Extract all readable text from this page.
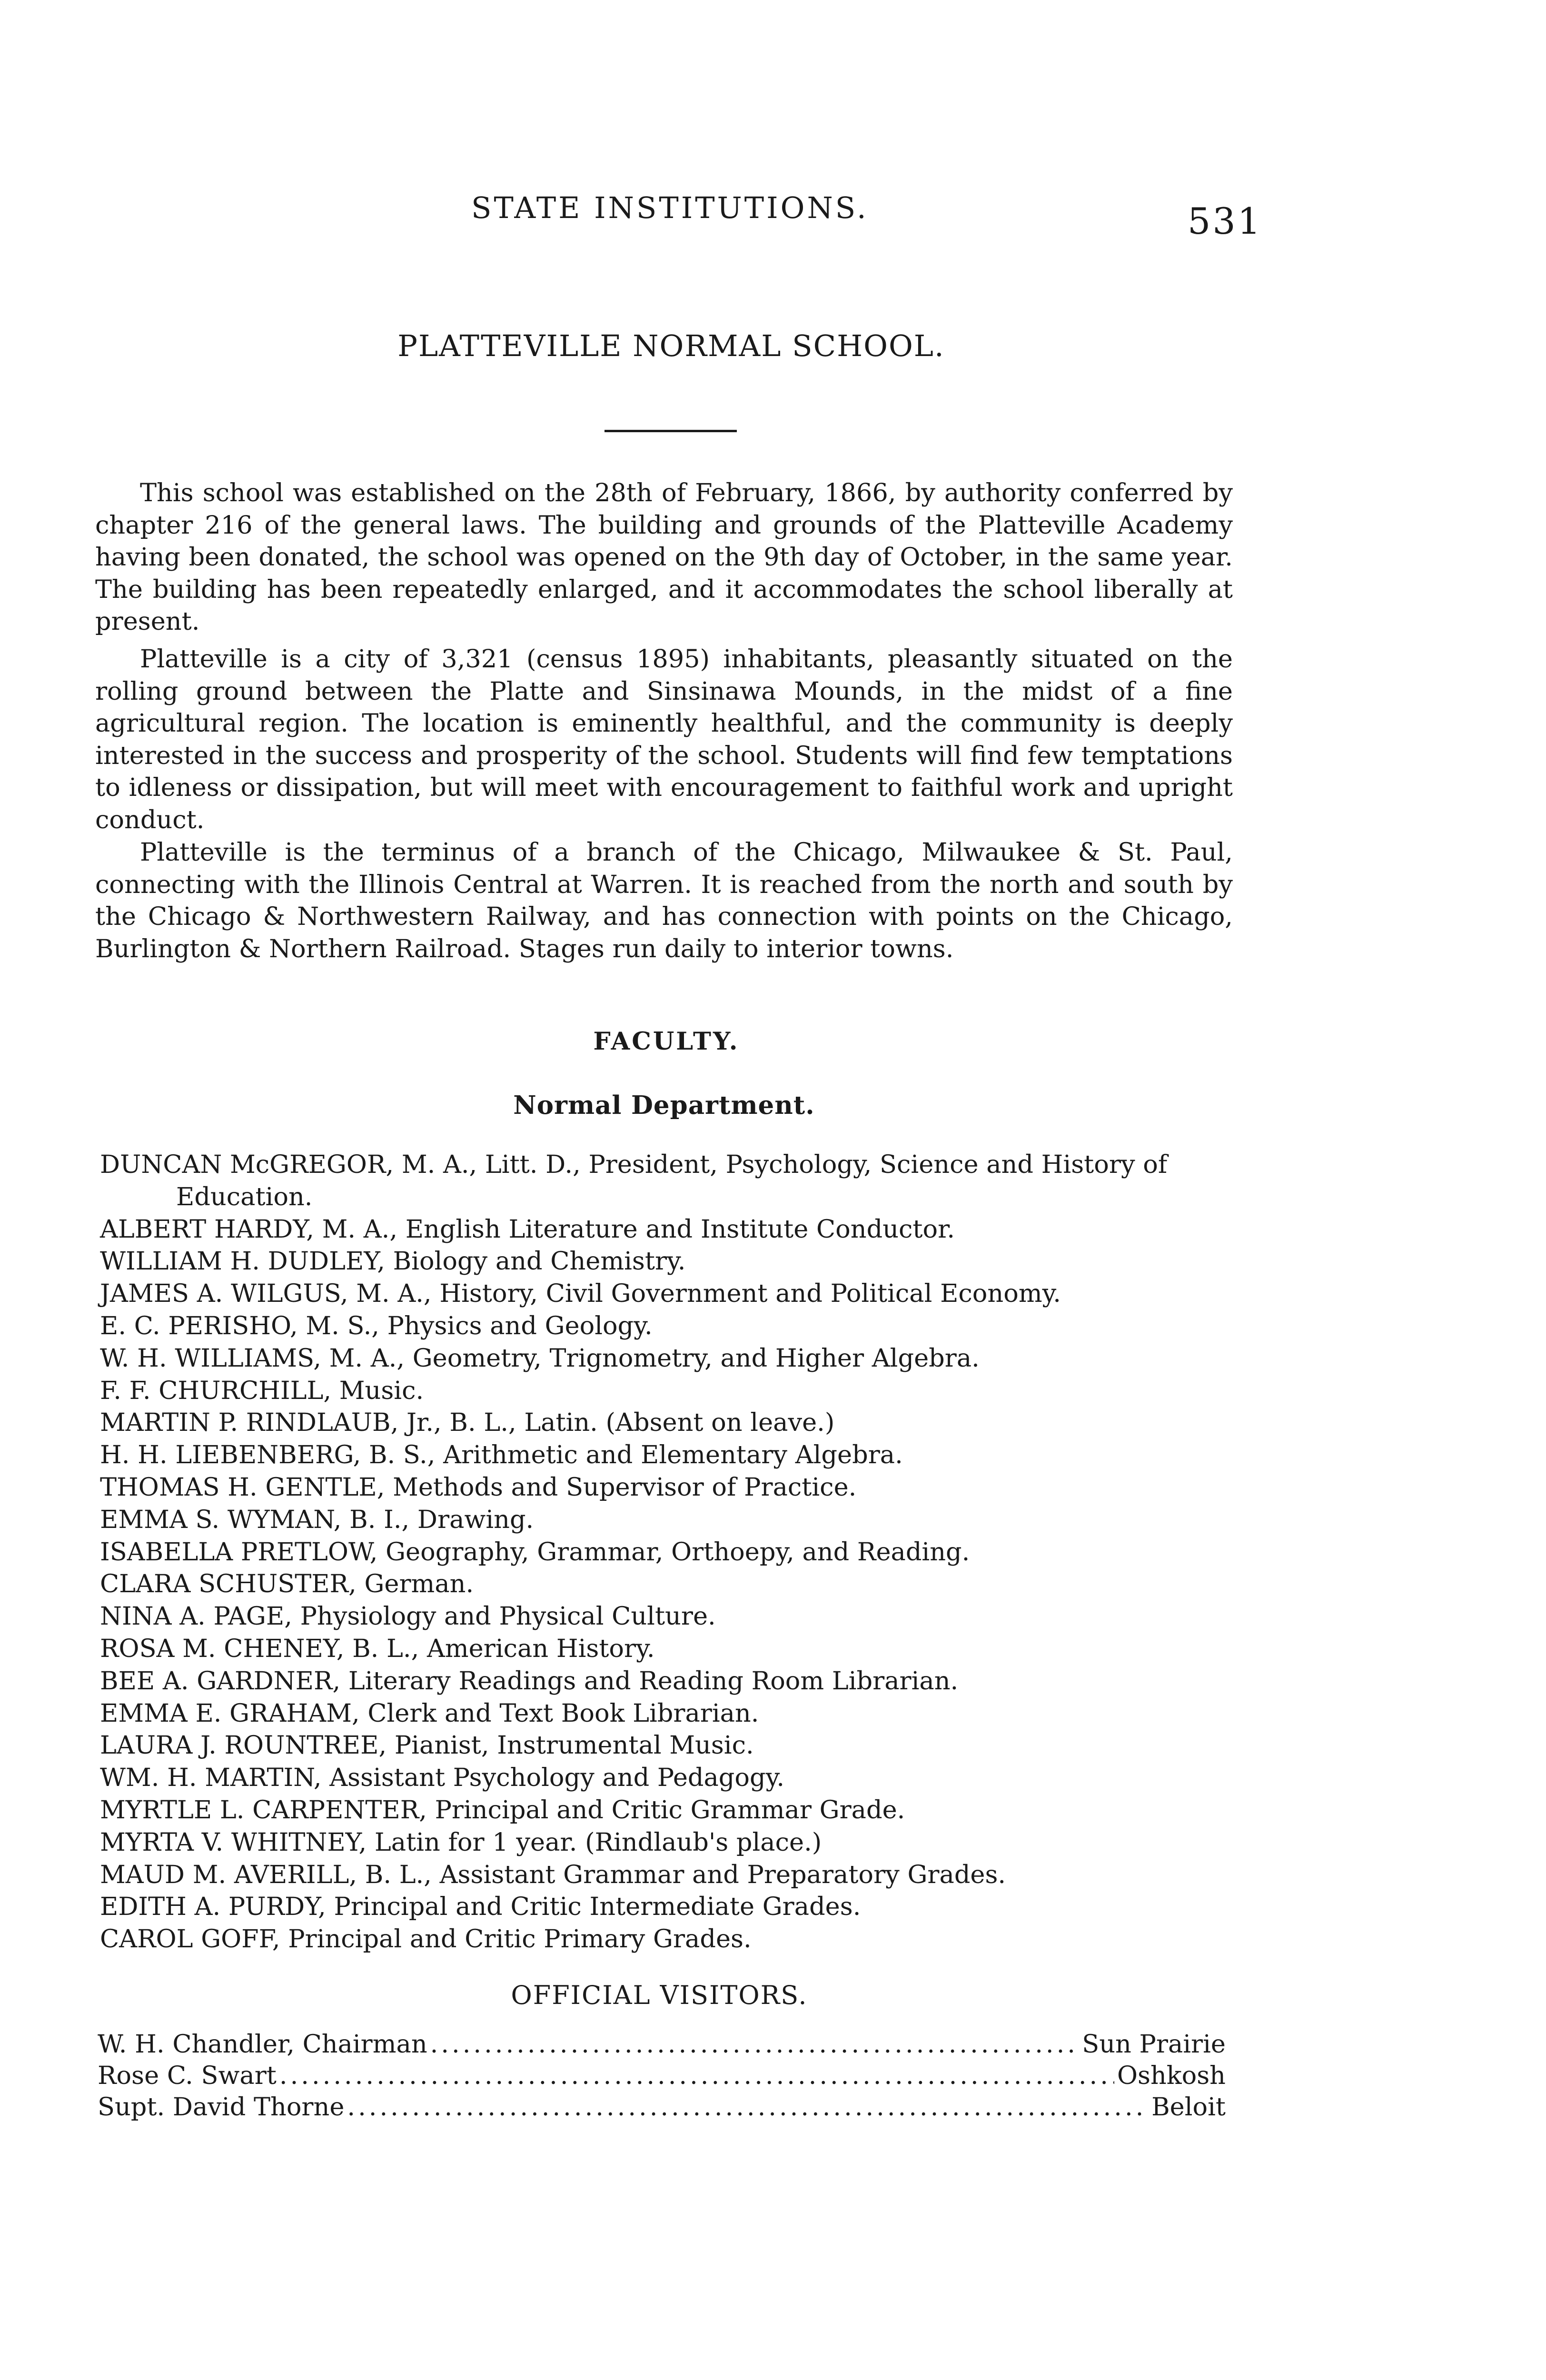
STATE INSTITUTIONS.	531
PLATTEVILLE NORMAL SCHOOL.

This school was established on the 28th of February, 1866, by authority conferred by chapter 216 of the general laws. The building and grounds of the Platteville Academy having been donated, the school was opened on the 9th day of October, in the same year. The building has been repeatedly enlarged, and it accommodates the school liberally at present.

Platteville is a city of 3,321 (census 1895) inhabitants, pleasantly situated on the rolling ground between the Platte and Sinsinawa Mounds, in the midst of a fine agricultural region. The location is eminently healthful, and the community is deeply interested in the success and prosperity of the school. Students will find few temptations to idleness or dissipation, but will meet with encouragement to faithful work and upright conduct.

Platteville is the terminus of a branch of the Chicago, Milwaukee & St. Paul, connecting with the Illinois Central at Warren. It is reached from the north and south by the Chicago & Northwestern Railway, and has connection with points on the Chicago, Burlington & Northern Railroad. Stages run daily to interior towns.

FACULTY.
Normal Department.
DUNCAN McGREGOR, M. A., Litt. D., President, Psychology, Science and History of Education.
ALBERT HARDY, M. A., English Literature and Institute Conductor.
WILLIAM H. DUDLEY, Biology and Chemistry.
JAMES A. WILGUS, M. A., History, Civil Government and Political Economy.
E. C. PERISHO, M. S., Physics and Geology.
W. H. WILLIAMS, M. A., Geometry, Trignometry, and Higher Algebra.
F. F. CHURCHILL, Music.
MARTIN P. RINDLAUB, Jr., B. L., Latin. (Absent on leave.)
H. H. LIEBENBERG, B. S., Arithmetic and Elementary Algebra.
THOMAS H. GENTLE, Methods and Supervisor of Practice.
EMMA S. WYMAN, B. I., Drawing.
ISABELLA PRETLOW, Geography, Grammar, Orthoepy, and Reading.
CLARA SCHUSTER, German.
NINA A. PAGE, Physiology and Physical Culture.
ROSA M. CHENEY, B. L., American History.
BEE A. GARDNER, Literary Readings and Reading Room Librarian.
EMMA E. GRAHAM, Clerk and Text Book Librarian.
LAURA J. ROUNTREE, Pianist, Instrumental Music.
WM. H. MARTIN, Assistant Psychology and Pedagogy.
MYRTLE L. CARPENTER, Principal and Critic Grammar Grade.
MYRTA V. WHITNEY, Latin for 1 year. (Rindlaub's place.)
MAUD M. AVERILL, B. L., Assistant Grammar and Preparatory Grades.
EDITH A. PURDY, Principal and Critic Intermediate Grades.
CAROL GOFF, Principal and Critic Primary Grades.
OFFICIAL VISITORS.
W. H. Chandler, Chairman .....	Sun Prairie
Rose C. Swart .....	Oshkosh
Supt. David Thorne .....	Beloit
